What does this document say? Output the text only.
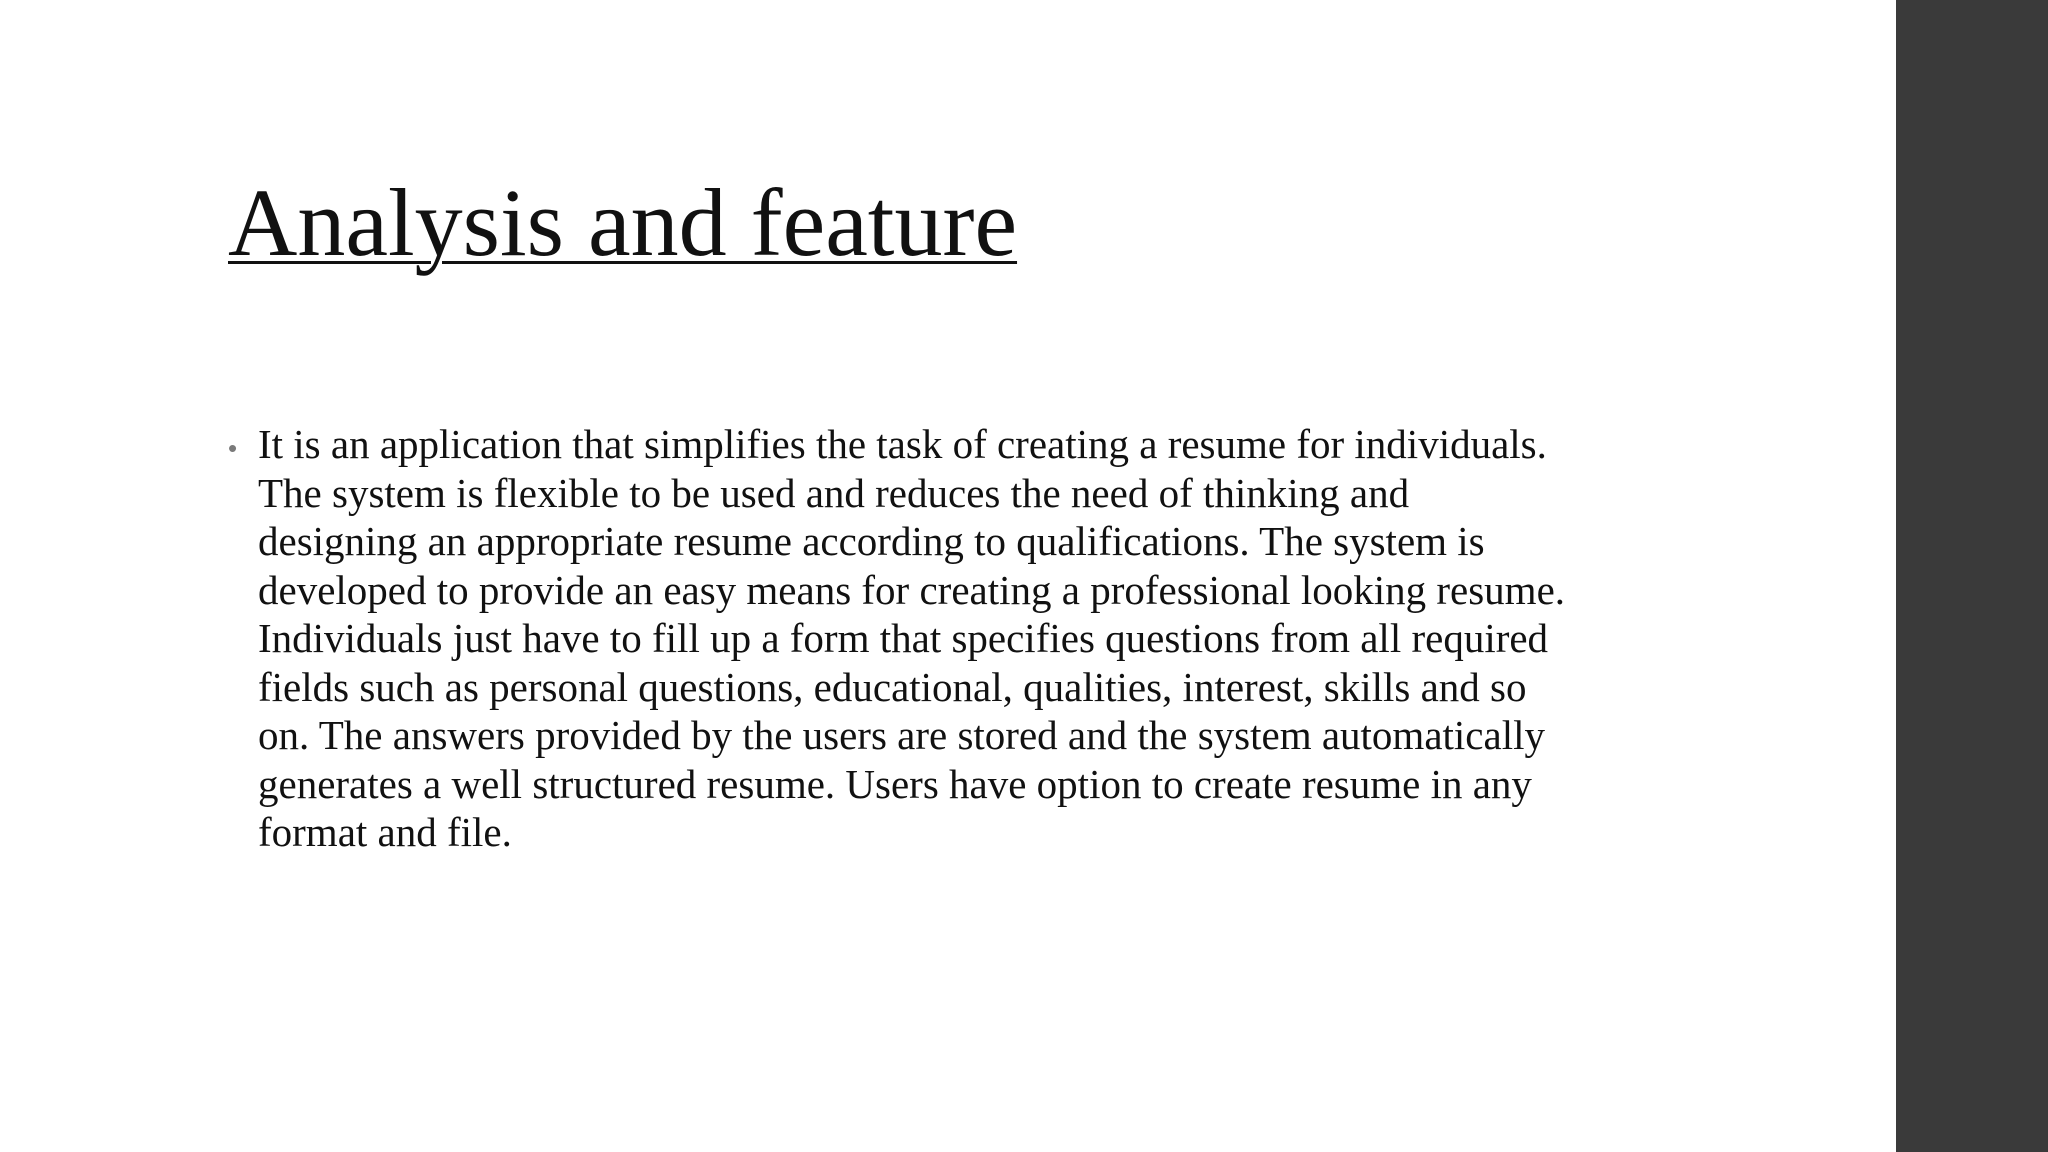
Analysis and feature
• It is an application that simplifies the task of creating a resume for individuals.
The system is flexible to be used and reduces the need of thinking and
designing an appropriate resume according to qualifications. The system is
developed to provide an easy means for creating a professional looking resume.
Individuals just have to fill up a form that specifies questions from all required
fields such as personal questions, educational, qualities, interest, skills and so
on. The answers provided by the users are stored and the system automatically
generates a well structured resume. Users have option to create resume in any
format and file.
